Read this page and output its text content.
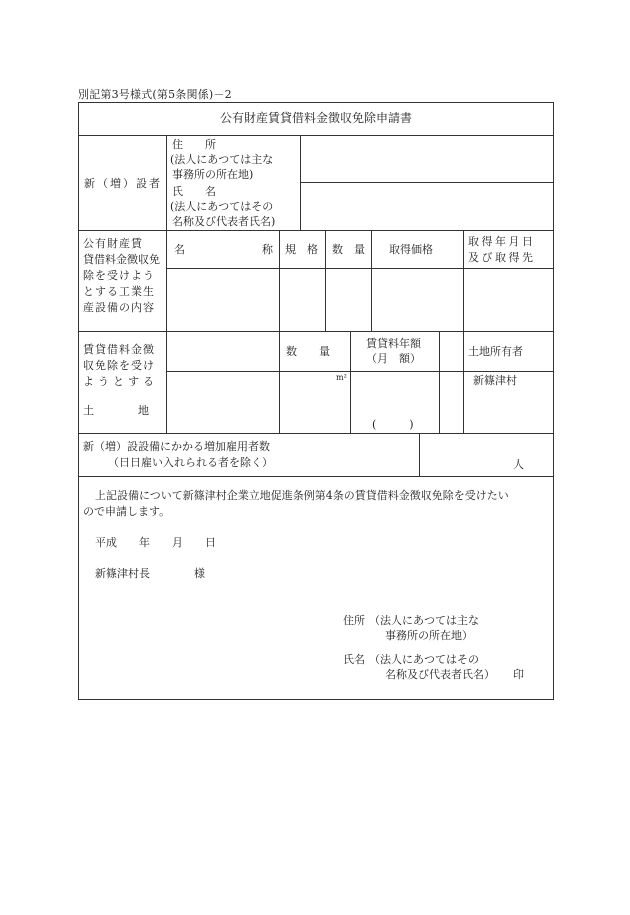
別記第3号様式(第5条関係)－2
公有財産賃貸借料金徴収免除申請書
新（増）設者
住　　所
(法人にあつては主な
事務所の所在地)
氏　　名
(法人にあつてはその
名称及び代表者氏名)
公有財産賃
貸借料金徴収免
除を受けよう
とする工業生
産設備の内容
名	称 規　格 数　量 取得価格
取得年月日
及び取得先
賃貸借料金徴
収免除を受け
ようとする
土　　　　地
数　　量
m²
賃貸料年額
（月　額）
(　　　)
土地所有者
新篠津村
新（増）設設備にかかる増加雇用者数
（日日雇い入れられる者を除く）	人
上記設備について新篠津村企業立地促進条例第4条の賃貸借料金徴収免除を受けたい
ので申請します。
平成　　年　　月　　日
新篠津村長　　　　様
住所 （法人にあつては主な
事務所の所在地）
氏名 （法人にあつてはその
名称及び代表者氏名） 印
